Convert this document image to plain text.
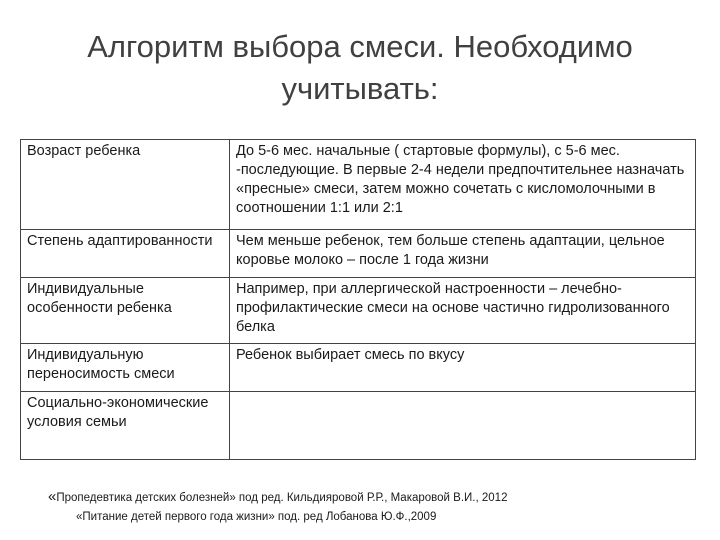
Алгоритм выбора смеси. Необходимо
учитывать:
Возраст ребенка	До 5-6 мес. начальные ( стартовые формулы), с 5-6 мес. -последующие. В первые 2-4 недели предпочтительнее назначать «пресные» смеси, затем можно сочетать с кисломолочными в соотношении 1:1 или 2:1

Степень адаптированности	Чем меньше ребенок, тем больше степень адаптации, цельное коровье молоко – после 1 года жизни

Индивидуальные особенности ребенка	Например, при аллергической настроенности – лечебно-профилактические смеси на основе частично гидролизованного белка

Индивидуальную переносимость смеси	Ребенок выбирает смесь по вкусу

Социально-экономические условия семьи	

«Пропедевтика детских болезней» под ред. Кильдияровой Р.Р., Макаровой В.И., 2012
«Питание детей первого года жизни» под. ред Лобанова Ю.Ф.,2009
